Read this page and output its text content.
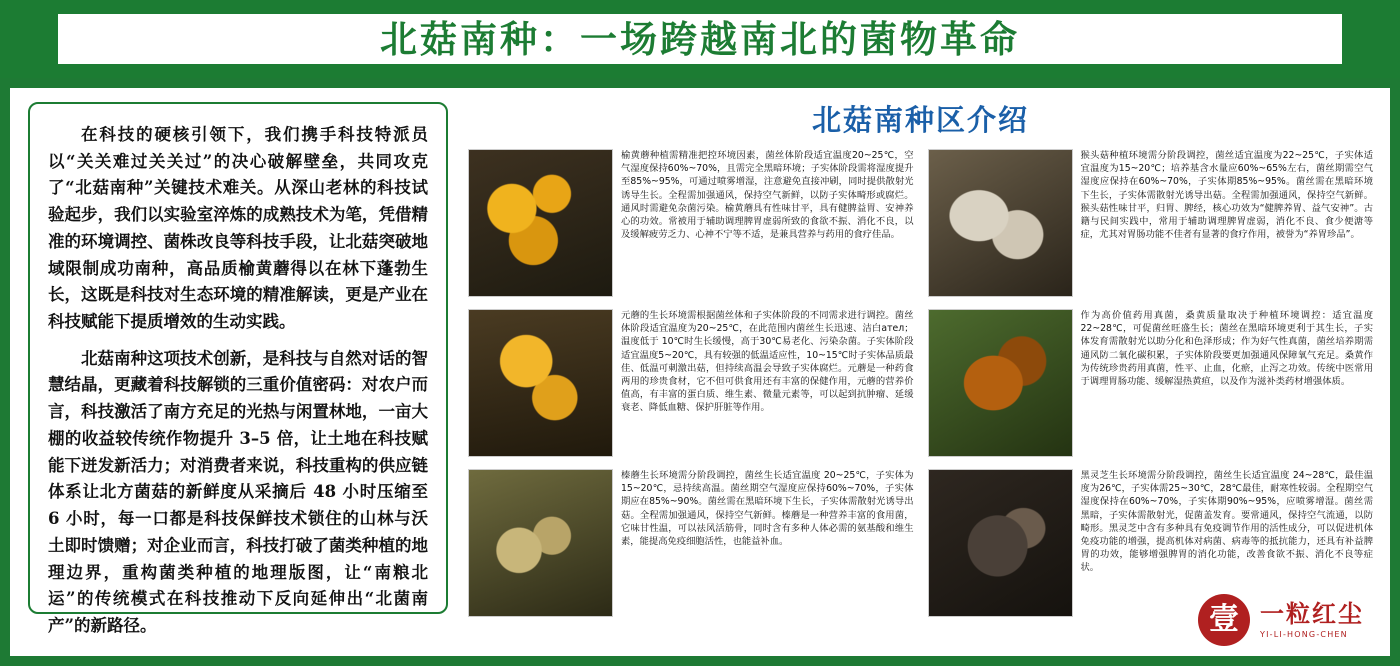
北菇南种：一场跨越南北的菌物革命

在科技的硬核引领下，我们携手科技特派员以“关关难过关关过”的决心破解壁垒，共同攻克了“北菇南种”关键技术难关。从深山老林的科技试验起步，我们以实验室淬炼的成熟技术为笔，凭借精准的环境调控、菌株改良等科技手段，让北菇突破地域限制成功南种，高品质榆黄蘑得以在林下蓬勃生长，这既是科技对生态环境的精准解读，更是产业在科技赋能下提质增效的生动实践。

北菇南种这项技术创新，是科技与自然对话的智慧结晶，更藏着科技解锁的三重价值密码：对农户而言，科技激活了南方充足的光热与闲置林地，一亩大棚的收益较传统作物提升 3–5 倍，让土地在科技赋能下迸发新活力；对消费者来说，科技重构的供应链体系让北方菌菇的新鲜度从采摘后 48 小时压缩至 6 小时，每一口都是科技保鲜技术锁住的山林与沃土即时馈赠；对企业而言，科技打破了菌类种植的地理边界，重构菌类种植的地理版图，让“南粮北运”的传统模式在科技推动下反向延伸出“北菌南产”的新路径。

北菇南种区介绍
榆黄蘑种植需精准把控环境因素，菌丝体阶段适宜温度20~25℃，空气湿度保持60%~70%，且需完全黑暗环境；子实体阶段需将湿度提升至85%~95%，可通过喷雾增湿，注意避免直接冲刷，同时提供散射光诱导生长。全程需加强通风，保持空气新鲜，以防子实体畸形或腐烂。通风时需避免杂菌污染。榆黄蘑具有性味甘平，具有健脾益胃、安神养心的功效。常被用于辅助调理脾胃虚弱所致的食欲不振、消化不良，以及缓解疲劳乏力、心神不宁等不适，是兼具营养与药用的食疗佳品。
猴头菇种植环境需分阶段调控，菌丝适宜温度为22~25℃，子实体适宜温度为15~20℃；培养基含水量应60%~65%左右，菌丝期需空气湿度应保持在60%~70%，子实体期85%~95%。菌丝需在黑暗环境下生长，子实体需散射光诱导出菇。全程需加强通风，保持空气新鲜。猴头菇性味甘平，归胃、脾经，核心功效为“健脾养胃、益气安神”。古籍与民间实践中，常用于辅助调理脾胃虚弱，消化不良、食少便溏等症，尤其对胃肠功能不佳者有显著的食疗作用，被誉为“养胃珍品”。
元蘑的生长环境需根据菌丝体和子实体阶段的不同需求进行调控。菌丝体阶段适宜温度为20~25℃，在此范围内菌丝生长迅速、洁白ател；温度低于 10℃时生长缓慢，高于30℃易老化、污染杂菌。子实体阶段适宜温度5~20℃，具有较强的低温适应性，10~15℃时子实体品质最佳、低温可刺激出菇，但持续高温会导致子实体腐烂。元蘑是一种药食两用的珍贵食材，它不但可供食用还有丰富的保健作用，元蘑的营养价值高，有丰富的蛋白质、维生素、微量元素等，可以起到抗肿瘤、延缓衰老、降低血糖、保护肝脏等作用。
作为高价值药用真菌，桑黄质量取决于种植环境调控：适宜温度 22~28℃，可促菌丝旺盛生长；菌丝在黑暗环境更利于其生长，子实体发育需散射光以助分化和色泽形成；作为好气性真菌，菌丝培养期需通风防二氧化碳积累，子实体阶段要更加强通风保障氧气充足。桑黄作为传统珍贵药用真菌，性平、止血，化瘀，止泻之功效。传统中医常用于调理胃肠功能、缓解湿热黄疸，以及作为滋补类药材增强体质。
榛蘑生长环境需分阶段调控，菌丝生长适宜温度 20~25℃，子实体为15~20℃，忌持续高温。菌丝期空气湿度应保持60%~70%，子实体期应在85%~90%。菌丝需在黑暗环境下生长，子实体需散射光诱导出菇。全程需加强通风，保持空气新鲜。榛蘑是一种营养丰富的食用菌，它味甘性温，可以祛风活筋骨，同时含有多种人体必需的氨基酸和维生素，能提高免疫细胞活性，也能益补血。
黑灵芝生长环境需分阶段调控，菌丝生长适宜温度 24~28℃，最佳温度为26℃，子实体需25~30℃，28℃最佳，耐寒性较弱。全程期空气湿度保持在60%~70%，子实体期90%~95%，应喷雾增湿。菌丝需黑暗，子实体需散射光，促菌盖发育。要常通风，保持空气流通，以防畸形。黑灵芝中含有多种具有免疫调节作用的活性成分，可以促进机体免疫功能的增强，提高机体对病菌、病毒等的抵抗能力，还具有补益脾胃的功效，能够增强脾胃的消化功能，改善食欲不振、消化不良等症状。
壹 一粒红尘
YI-LI-HONG-CHEN
